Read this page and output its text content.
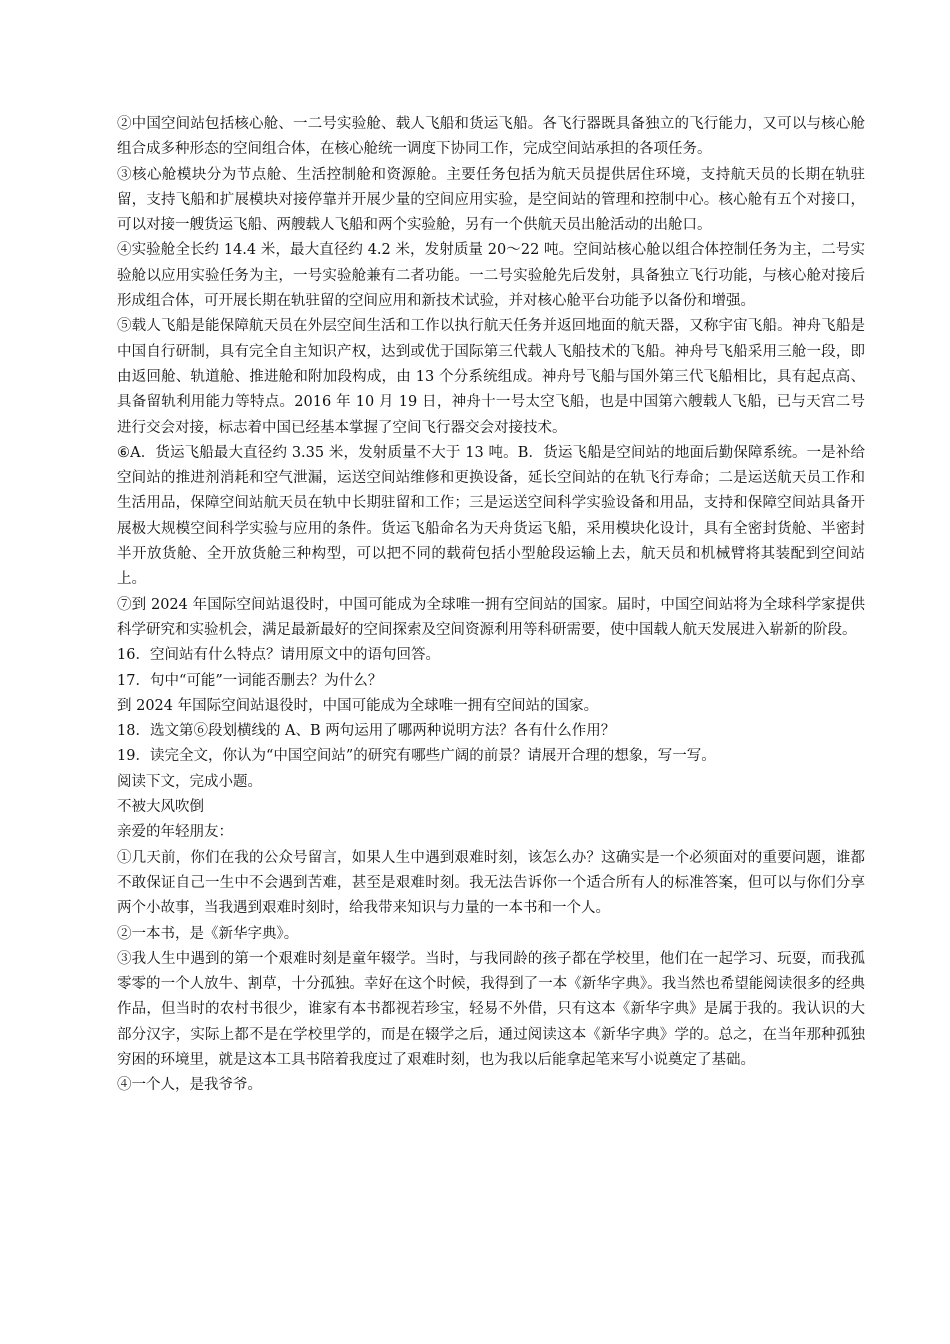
②中国空间站包括核心舱、一二号实验舱、载人飞船和货运飞船。各飞行器既具备独立的飞行能力，又可以与核心舱组合成多种形态的空间组合体，在核心舱统一调度下协同工作，完成空间站承担的各项任务。

③核心舱模块分为节点舱、生活控制舱和资源舱。主要任务包括为航天员提供居住环境，支持航天员的长期在轨驻留，支持飞船和扩展模块对接停靠并开展少量的空间应用实验，是空间站的管理和控制中心。核心舱有五个对接口，可以对接一艘货运飞船、两艘载人飞船和两个实验舱，另有一个供航天员出舱活动的出舱口。

④实验舱全长约 14.4 米，最大直径约 4.2 米，发射质量 20～22 吨。空间站核心舱以组合体控制任务为主，二号实验舱以应用实验任务为主，一号实验舱兼有二者功能。一二号实验舱先后发射，具备独立飞行功能，与核心舱对接后形成组合体，可开展长期在轨驻留的空间应用和新技术试验，并对核心舱平台功能予以备份和增强。

⑤载人飞船是能保障航天员在外层空间生活和工作以执行航天任务并返回地面的航天器，又称宇宙飞船。神舟飞船是中国自行研制，具有完全自主知识产权，达到或优于国际第三代载人飞船技术的飞船。神舟号飞船采用三舱一段，即由返回舱、轨道舱、推进舱和附加段构成，由 13 个分系统组成。神舟号飞船与国外第三代飞船相比，具有起点高、具备留轨利用能力等特点。2016 年 10 月 19 日，神舟十一号太空飞船，也是中国第六艘载人飞船，已与天宫二号进行交会对接，标志着中国已经基本掌握了空间飞行器交会对接技术。

⑥A．货运飞船最大直径约 3.35 米，发射质量不大于 13 吨。B．货运飞船是空间站的地面后勤保障系统。一是补给空间站的推进剂消耗和空气泄漏，运送空间站维修和更换设备，延长空间站的在轨飞行寿命；二是运送航天员工作和生活用品，保障空间站航天员在轨中长期驻留和工作；三是运送空间科学实验设备和用品，支持和保障空间站具备开展极大规模空间科学实验与应用的条件。货运飞船命名为天舟货运飞船，采用模块化设计，具有全密封货舱、半密封半开放货舱、全开放货舱三种构型，可以把不同的载荷包括小型舱段运输上去，航天员和机械臂将其装配到空间站上。

⑦到 2024 年国际空间站退役时，中国可能成为全球唯一拥有空间站的国家。届时，中国空间站将为全球科学家提供科学研究和实验机会，满足最新最好的空间探索及空间资源利用等科研需要，使中国载人航天发展进入崭新的阶段。

16．空间站有什么特点？请用原文中的语句回答。

17．句中“可能”一词能否删去？为什么？

到 2024 年国际空间站退役时，中国可能成为全球唯一拥有空间站的国家。

18．选文第⑥段划横线的 A、B 两句运用了哪两种说明方法？各有什么作用？

19．读完全文，你认为“中国空间站”的研究有哪些广阔的前景？请展开合理的想象，写一写。

阅读下文，完成小题。

不被大风吹倒

亲爱的年轻朋友：

①几天前，你们在我的公众号留言，如果人生中遇到艰难时刻，该怎么办？这确实是一个必须面对的重要问题，谁都不敢保证自己一生中不会遇到苦难，甚至是艰难时刻。我无法告诉你一个适合所有人的标准答案，但可以与你们分享两个小故事，当我遇到艰难时刻时，给我带来知识与力量的一本书和一个人。

②一本书，是《新华字典》。

③我人生中遇到的第一个艰难时刻是童年辍学。当时，与我同龄的孩子都在学校里，他们在一起学习、玩耍，而我孤零零的一个人放牛、割草，十分孤独。幸好在这个时候，我得到了一本《新华字典》。我当然也希望能阅读很多的经典作品，但当时的农村书很少，谁家有本书都视若珍宝，轻易不外借，只有这本《新华字典》是属于我的。我认识的大部分汉字，实际上都不是在学校里学的，而是在辍学之后，通过阅读这本《新华字典》学的。总之，在当年那种孤独穷困的环境里，就是这本工具书陪着我度过了艰难时刻，也为我以后能拿起笔来写小说奠定了基础。

④一个人，是我爷爷。
